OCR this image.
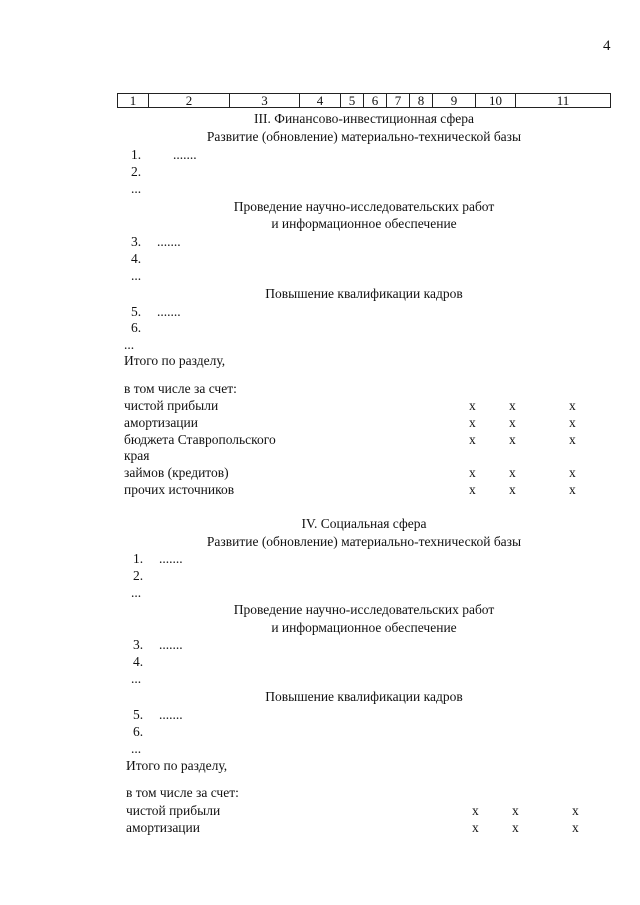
4
1	2	3	4	5	6	7	8	9	10	11
III. Финансово-инвестиционная сфера
Развитие (обновление) материально-технической базы
1. .......
2.
...
Проведение научно-исследовательских работ
и информационное обеспечение
3. .......
4.
...
Повышение квалификации кадров
5. .......
6.
...
Итого по разделу,
в том числе за счет:
чистой прибыли	x x	x
амортизации	x x	x
бюджета Ставропольского	x x	x
края
займов (кредитов)	x x	x
прочих источников	x x	x
IV. Социальная сфера
Развитие (обновление) материально-технической базы
1. .......
2.
...
Проведение научно-исследовательских работ
и информационное обеспечение
3. .......
4.
...
Повышение квалификации кадров
5. .......
6.
...
Итого по разделу,
в том числе за счет:
чистой прибыли	x x	x
амортизации	x x	x
